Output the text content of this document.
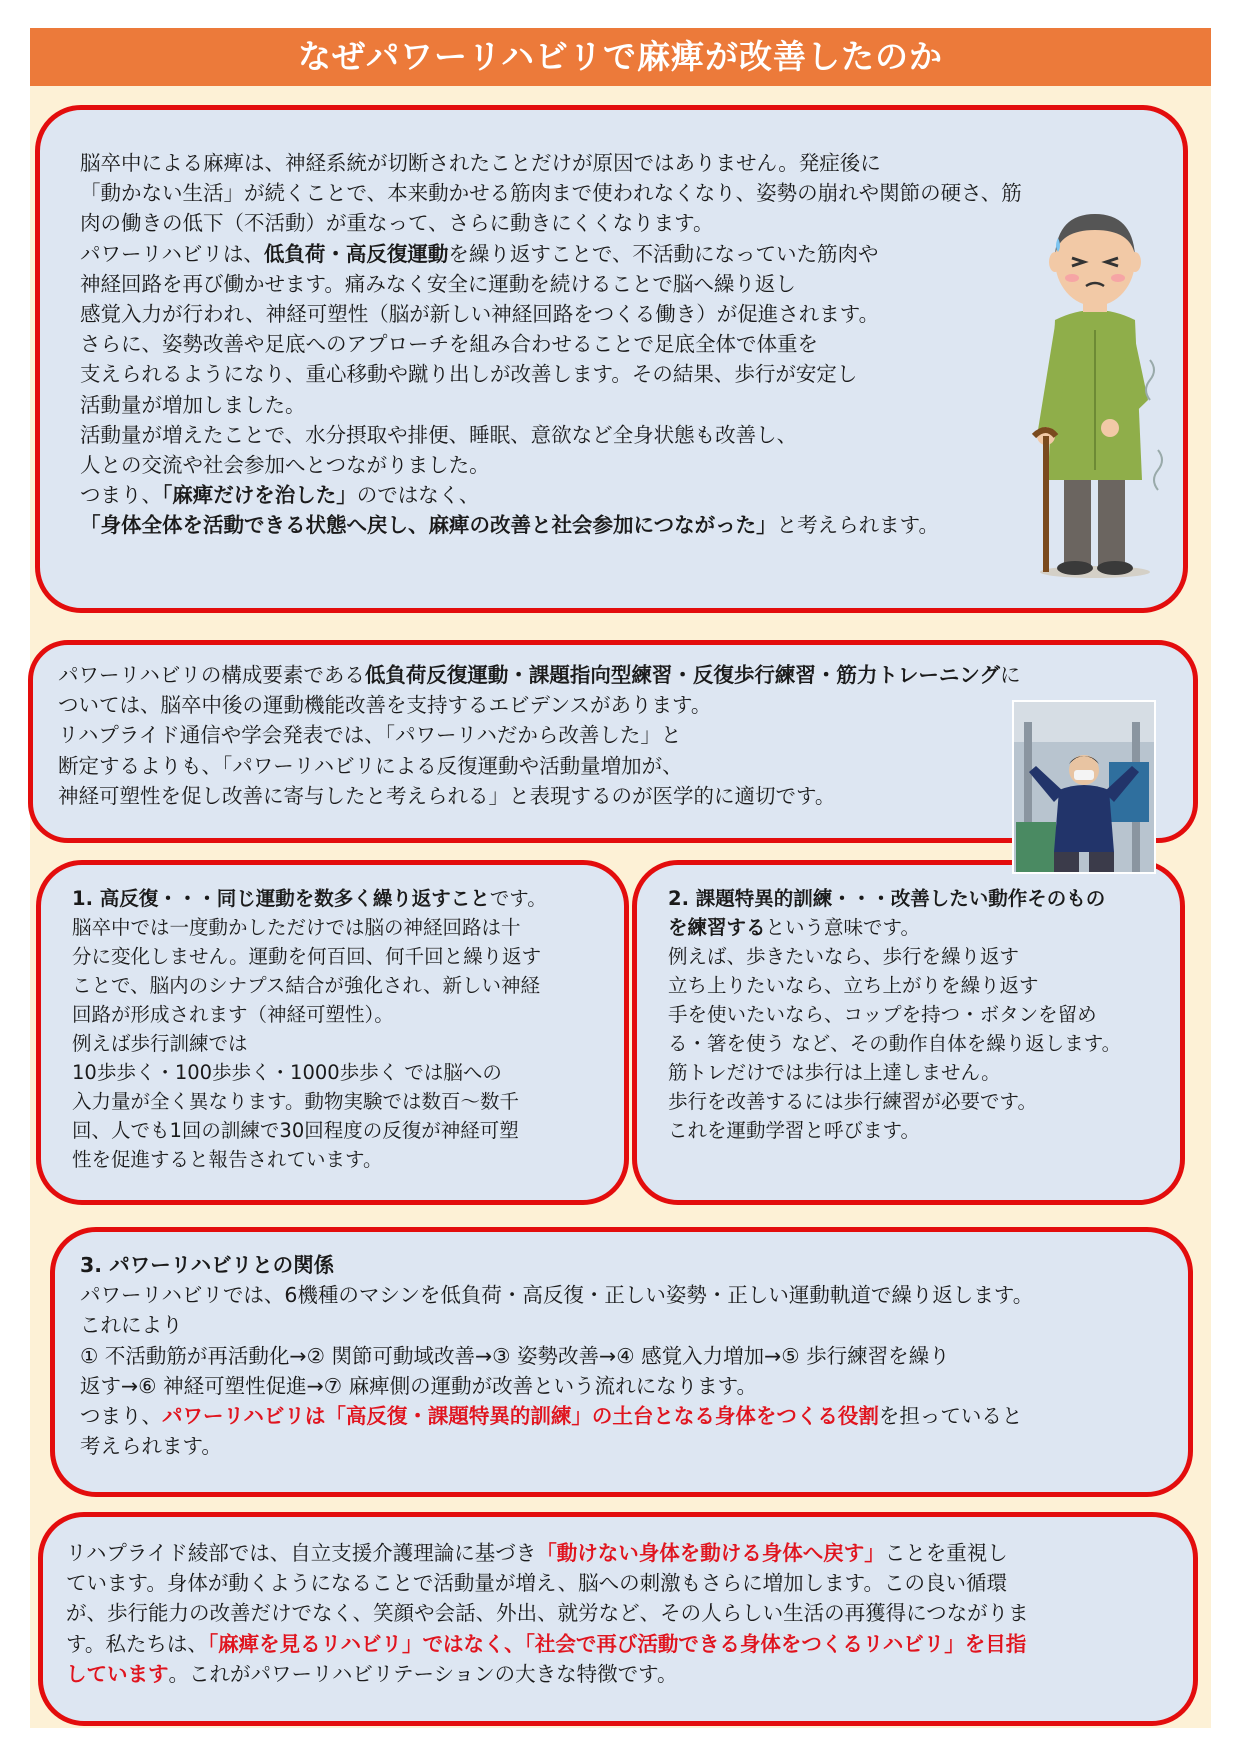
なぜパワーリハビリで麻痺が改善したのか
脳卒中による麻痺は、神経系統が切断されたことだけが原因ではありません。発症後に
「動かない生活」が続くことで、本来動かせる筋肉まで使われなくなり、姿勢の崩れや関節の硬さ、筋
肉の働きの低下（不活動）が重なって、さらに動きにくくなります。
パワーリハビリは、低負荷・高反復運動を繰り返すことで、不活動になっていた筋肉や
神経回路を再び働かせます。痛みなく安全に運動を続けることで脳へ繰り返し
感覚入力が行われ、神経可塑性（脳が新しい神経回路をつくる働き）が促進されます。
さらに、姿勢改善や足底へのアプローチを組み合わせることで足底全体で体重を
支えられるようになり、重心移動や蹴り出しが改善します。その結果、歩行が安定し
活動量が増加しました。
活動量が増えたことで、水分摂取や排便、睡眠、意欲など全身状態も改善し、
人との交流や社会参加へとつながりました。
つまり、「麻痺だけを治した」のではなく、
「身体全体を活動できる状態へ戻し、麻痺の改善と社会参加につながった」と考えられます。
パワーリハビリの構成要素である低負荷反復運動・課題指向型練習・反復歩行練習・筋力トレーニングに
ついては、脳卒中後の運動機能改善を支持するエビデンスがあります。
リハプライド通信や学会発表では、「パワーリハだから改善した」と
断定するよりも、「パワーリハビリによる反復運動や活動量増加が、
神経可塑性を促し改善に寄与したと考えられる」と表現するのが医学的に適切です。
1. 高反復・・・同じ運動を数多く繰り返すことです。
脳卒中では一度動かしただけでは脳の神経回路は十
分に変化しません。運動を何百回、何千回と繰り返す
ことで、脳内のシナプス結合が強化され、新しい神経
回路が形成されます（神経可塑性）。
例えば歩行訓練では
10歩歩く・100歩歩く・1000歩歩く では脳への
入力量が全く異なります。動物実験では数百～数千
回、人でも1回の訓練で30回程度の反復が神経可塑
性を促進すると報告されています。
2. 課題特異的訓練・・・改善したい動作そのもの
を練習するという意味です。
例えば、歩きたいなら、歩行を繰り返す
立ち上りたいなら、立ち上がりを繰り返す
手を使いたいなら、コップを持つ・ボタンを留め
る・箸を使う など、その動作自体を繰り返します。
筋トレだけでは歩行は上達しません。
歩行を改善するには歩行練習が必要です。
これを運動学習と呼びます。
3. パワーリハビリとの関係
パワーリハビリでは、6機種のマシンを低負荷・高反復・正しい姿勢・正しい運動軌道で繰り返します。
これにより
① 不活動筋が再活動化→② 関節可動域改善→③ 姿勢改善→④ 感覚入力増加→⑤ 歩行練習を繰り
返す→⑥ 神経可塑性促進→⑦ 麻痺側の運動が改善という流れになります。
つまり、パワーリハビリは「高反復・課題特異的訓練」の土台となる身体をつくる役割を担っていると
考えられます。
リハプライド綾部では、自立支援介護理論に基づき「動けない身体を動ける身体へ戻す」ことを重視し
ています。身体が動くようになることで活動量が増え、脳への刺激もさらに増加します。この良い循環
が、歩行能力の改善だけでなく、笑顔や会話、外出、就労など、その人らしい生活の再獲得につながりま
す。私たちは、「麻痺を見るリハビリ」ではなく、「社会で再び活動できる身体をつくるリハビリ」を目指
しています。これがパワーリハビリテーションの大きな特徴です。
